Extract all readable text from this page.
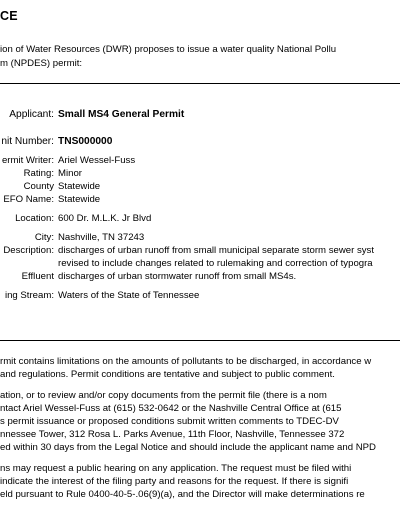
CE
ion of Water Resources (DWR) proposes to issue a water quality National Pollu
m (NPDES) permit:
Applicant: Small MS4 General Permit
nit Number: TNS000000
ermit Writer: Ariel Wessel-Fuss
Rating: Minor
County Statewide
EFO Name: Statewide
Location: 600 Dr. M.L.K. Jr Blvd
City: Nashville, TN 37243
Description: discharges of urban runoff from small municipal separate storm sewer syst
revised to include changes related to rulemaking and correction of typogra
Effluent discharges of urban stormwater runoff from small MS4s.
ing Stream: Waters of the State of Tennessee
rmit contains limitations on the amounts of pollutants to be discharged, in accordance w
and regulations. Permit conditions are tentative and subject to public comment.
ation, or to review and/or copy documents from the permit file (there is a nom
ntact Ariel Wessel-Fuss at (615) 532-0642 or the Nashville Central Office at (615
s permit issuance or proposed conditions submit written comments to TDEC-DV
nnessee Tower, 312 Rosa L. Parks Avenue, 11th Floor, Nashville, Tennessee 372
ed within 30 days from the Legal Notice and should include the applicant name and NPD
ns may request a public hearing on any application. The request must be filed withi
indicate the interest of the filing party and reasons for the request. If there is signifi
eld pursuant to Rule 0400-40-5-.06(9)(a), and the Director will make determinations re
